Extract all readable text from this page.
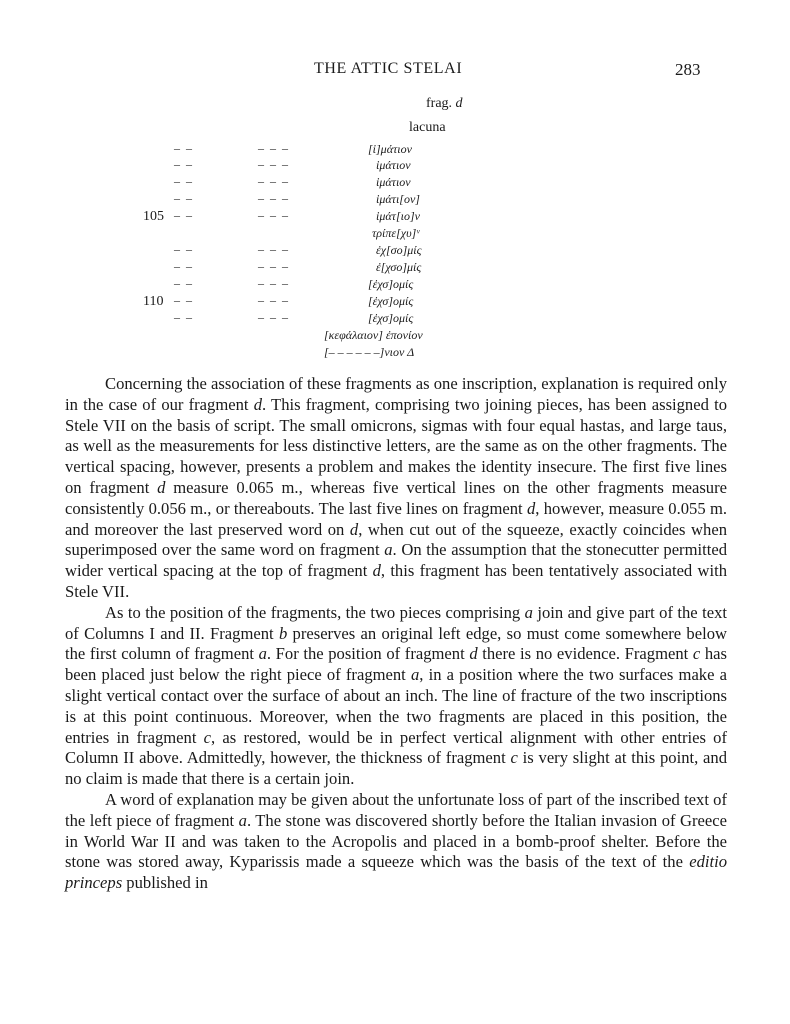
THE ATTIC STELAI	283
frag. d
lacuna
– –	– – –	[ἱ]μάτιον
– –	– – –	ἱμάτιον
– –	– – –	ἱμάτιον
– –	– – –	ἱμάτι[ον]
105 – –	– – –	ἱμάτ[ιο]ν
τρίπε[χυ]ᵛ
– –	– – –	ἐχ[σο]μίς
– –	– – –	ἐ[χσο]μίς
– –	– – –	[ἐχσ]ομίς
110 – –	– – –	[ἐχσ]ομίς
– –	– – –	[ἐχσ]ομίς
[κεφάλαιον] ἐπονίον
[– – – – – –]νιον Δ

Concerning the association of these fragments as one inscription, explanation is required only in the case of our fragment d. This fragment, comprising two joining pieces, has been assigned to Stele VII on the basis of script. The small omicrons, sigmas with four equal hastas, and large taus, as well as the measurements for less distinctive letters, are the same as on the other fragments. The vertical spacing, however, presents a problem and makes the identity insecure. The first five lines on fragment d measure 0.065 m., whereas five vertical lines on the other fragments measure consistently 0.056 m., or thereabouts. The last five lines on fragment d, however, measure 0.055 m. and moreover the last preserved word on d, when cut out of the squeeze, exactly coincides when superimposed over the same word on fragment a. On the assumption that the stonecutter permitted wider vertical spacing at the top of fragment d, this fragment has been tentatively associated with Stele VII.

As to the position of the fragments, the two pieces comprising a join and give part of the text of Columns I and II. Fragment b preserves an original left edge, so must come somewhere below the first column of fragment a. For the position of fragment d there is no evidence. Fragment c has been placed just below the right piece of fragment a, in a position where the two surfaces make a slight vertical contact over the surface of about an inch. The line of fracture of the two inscriptions is at this point continuous. Moreover, when the two fragments are placed in this position, the entries in fragment c, as restored, would be in perfect vertical alignment with other entries of Column II above. Admittedly, however, the thickness of fragment c is very slight at this point, and no claim is made that there is a certain join.

A word of explanation may be given about the unfortunate loss of part of the inscribed text of the left piece of fragment a. The stone was discovered shortly before the Italian invasion of Greece in World War II and was taken to the Acropolis and placed in a bomb-proof shelter. Before the stone was stored away, Kyparissis made a squeeze which was the basis of the text of the editio princeps published in
